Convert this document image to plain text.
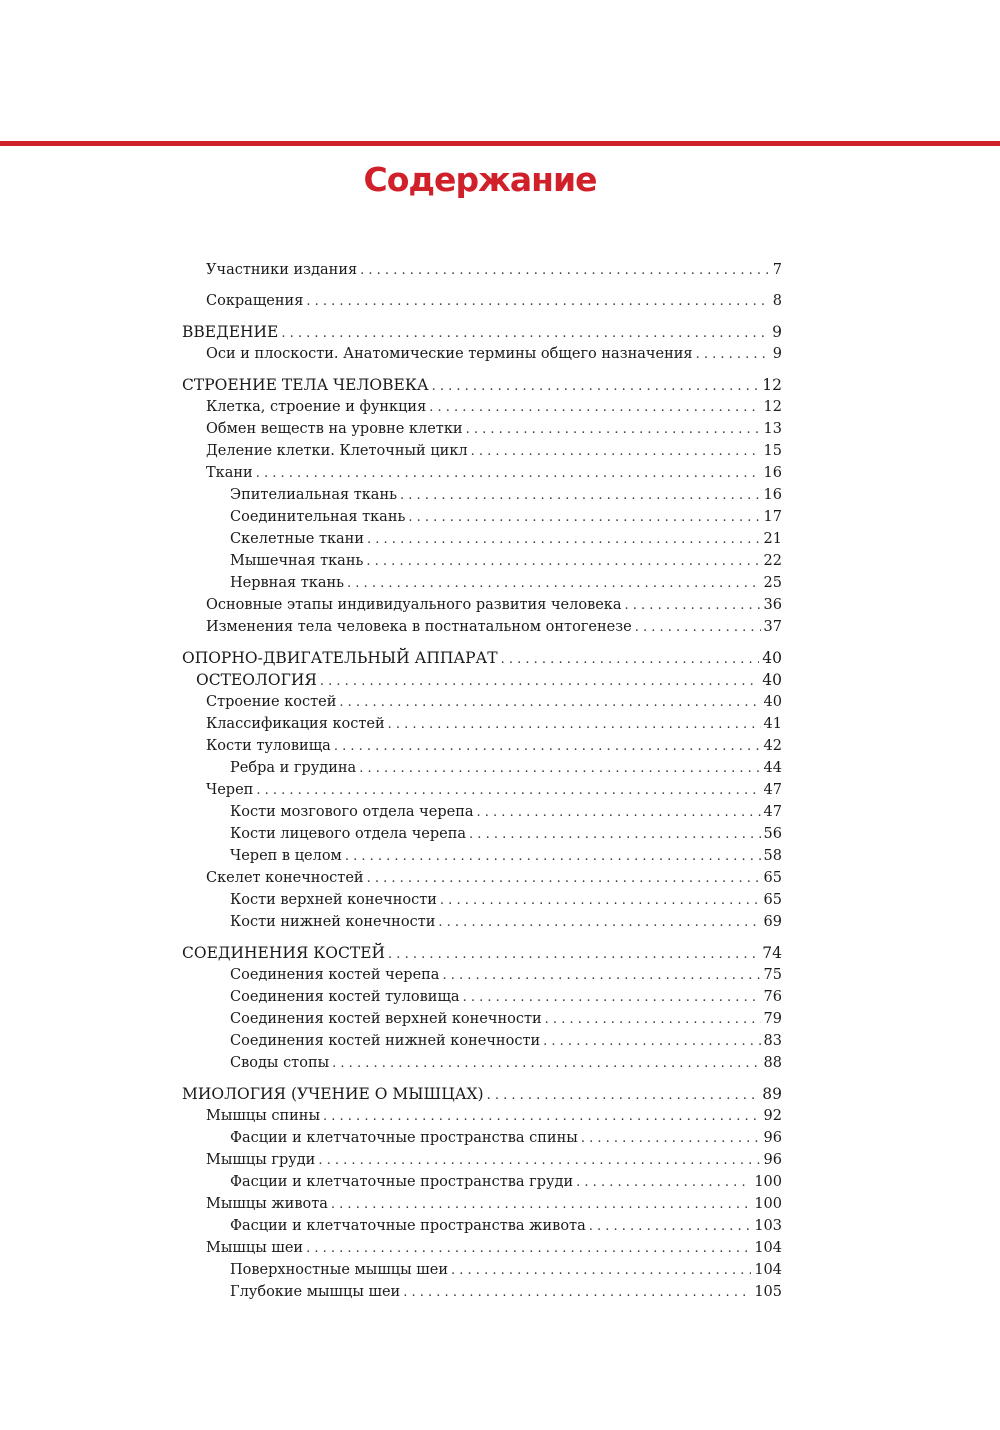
Содержание
Участники издания . . .	7
Сокращения . . .	8
ВВЕДЕНИЕ . . .	9
Оси и плоскости. Анатомические термины общего назначения . . .	9
СТРОЕНИЕ ТЕЛА ЧЕЛОВЕКА . . .	12
Клетка, строение и функция . . .	12
Обмен веществ на уровне клетки . . .	13
Деление клетки. Клеточный цикл . . .	15
Ткани . . .	16
Эпителиальная ткань . . .	16
Соединительная ткань . . .	17
Скелетные ткани . . .	21
Мышечная ткань . . .	22
Нервная ткань . . .	25
Основные этапы индивидуального развития человека . . .	36
Изменения тела человека в постнатальном онтогенезе . . .	37
ОПОРНО-ДВИГАТЕЛЬНЫЙ АППАРАТ . . .	40
ОСТЕОЛОГИЯ . . .	40
Строение костей . . .	40
Классификация костей . . .	41
Кости туловища . . .	42
Ребра и грудина . . .	44
Череп . . .	47
Кости мозгового отдела черепа . . .	47
Кости лицевого отдела черепа . . .	56
Череп в целом . . .	58
Скелет конечностей . . .	65
Кости верхней конечности . . .	65
Кости нижней конечности . . .	69
СОЕДИНЕНИЯ КОСТЕЙ . . .	74
Соединения костей черепа . . .	75
Соединения костей туловища . . .	76
Соединения костей верхней конечности . . .	79
Соединения костей нижней конечности . . .	83
Своды стопы . . .	88
МИОЛОГИЯ (УЧЕНИЕ О МЫШЦАХ) . . .	89
Мышцы спины . . .	92
Фасции и клетчаточные пространства спины . . .	96
Мышцы груди . . .	96
Фасции и клетчаточные пространства груди . . .	100
Мышцы живота . . .	100
Фасции и клетчаточные пространства живота . . .	103
Мышцы шеи . . .	104
Поверхностные мышцы шеи . . .	104
Глубокие мышцы шеи . . .	105
